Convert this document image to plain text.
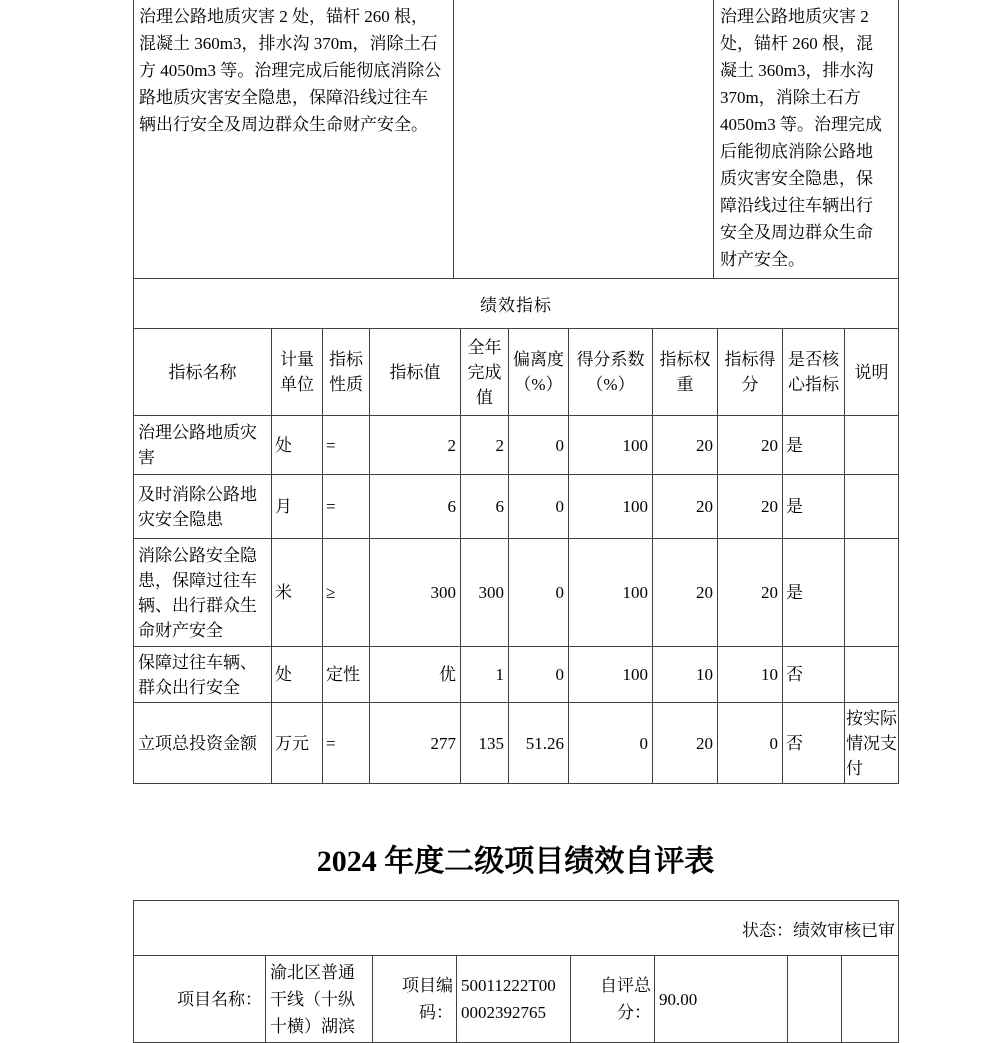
治理公路地质灾害 2 处，锚杆 260 根，混凝土 360m3，排水沟 370m，消除土石方 4050m3 等。治理完成后能彻底消除公路地质灾害安全隐患，保障沿线过往车辆出行安全及周边群众生命财产安全。		治理公路地质灾害 2 处，锚杆 260 根，混凝土 360m3，排水沟 370m，消除土石方 4050m3 等。治理完成后能彻底消除公路地质灾害安全隐患，保障沿线过往车辆出行安全及周边群众生命财产安全。
绩效指标										
指标名称	计量单位	指标性质	指标值	全年完成值	偏离度（%）	得分系数（%）	指标权重	指标得分	是否核心指标	说明
治理公路地质灾害	处	=	2	2	0	100	20	20	是	
及时消除公路地灾安全隐患	月	=	6	6	0	100	20	20	是	
消除公路安全隐患，保障过往车辆、出行群众生命财产安全	米	≥	300	300	0	100	20	20	是	
保障过往车辆、群众出行安全	处	定性	优	1	0	100	10	10	否	
立项总投资金额	万元	=	277	135	51.26	0	20	0	否	按实际情况支付
2024 年度二级项目绩效自评表
状态：绩效审核已审
项目名称：	渝北区普通干线（十纵十横）湖滨	项目编码：	50011222T000002392765	自评总分：	90.00		
